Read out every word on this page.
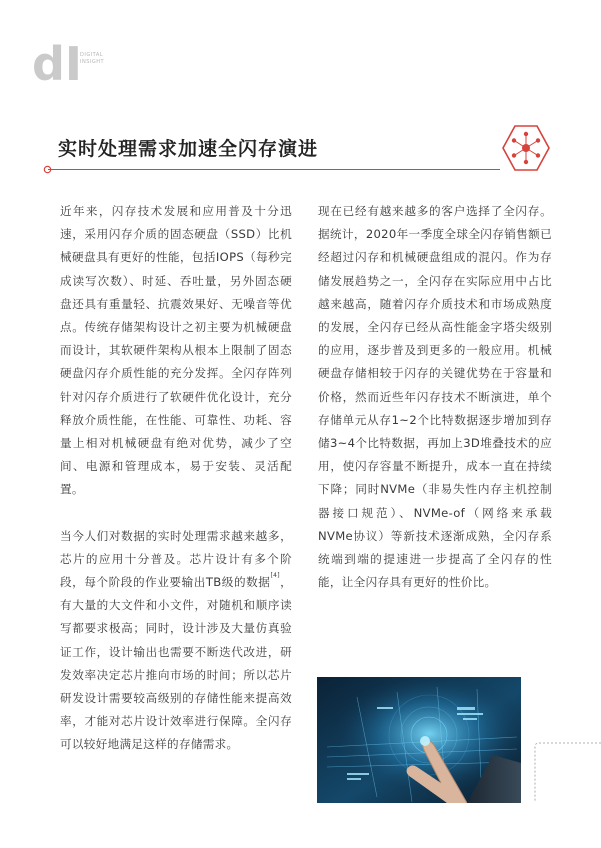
dI
DIGITAL
INSIGHT
实时处理需求加速全闪存演进

近年来，闪存技术发展和应用普及十分迅速，采用闪存介质的固态硬盘（SSD）比机械硬盘具有更好的性能，包括IOPS（每秒完成读写次数）、时延、吞吐量，另外固态硬盘还具有重量轻、抗震效果好、无噪音等优点。传统存储架构设计之初主要为机械硬盘而设计，其软硬件架构从根本上限制了固态硬盘闪存介质性能的充分发挥。全闪存阵列针对闪存介质进行了软硬件优化设计，充分释放介质性能，在性能、可靠性、功耗、容量上相对机械硬盘有绝对优势，减少了空间、电源和管理成本，易于安装、灵活配置。

当今人们对数据的实时处理需求越来越多，芯片的应用十分普及。芯片设计有多个阶段，每个阶段的作业要输出TB级的数据[4]，有大量的大文件和小文件，对随机和顺序读写都要求极高；同时，设计涉及大量仿真验证工作，设计输出也需要不断迭代改进，研发效率决定芯片推向市场的时间；所以芯片研发设计需要较高级别的存储性能来提高效率，才能对芯片设计效率进行保障。全闪存可以较好地满足这样的存储需求。

现在已经有越来越多的客户选择了全闪存。据统计，2020年一季度全球全闪存销售额已经超过闪存和机械硬盘组成的混闪。作为存储发展趋势之一，全闪存在实际应用中占比越来越高，随着闪存介质技术和市场成熟度的发展，全闪存已经从高性能金字塔尖级别的应用，逐步普及到更多的一般应用。机械硬盘存储相较于闪存的关键优势在于容量和价格，然而近些年闪存技术不断演进，单个存储单元从存1~2个比特数据逐步增加到存储3~4个比特数据，再加上3D堆叠技术的应用，使闪存容量不断提升，成本一直在持续下降；同时NVMe（非易失性内存主机控制器接口规范）、NVMe-of（网络来承载NVMe协议）等新技术逐渐成熟，全闪存系统端到端的提速进一步提高了全闪存的性能，让全闪存具有更好的性价比。
